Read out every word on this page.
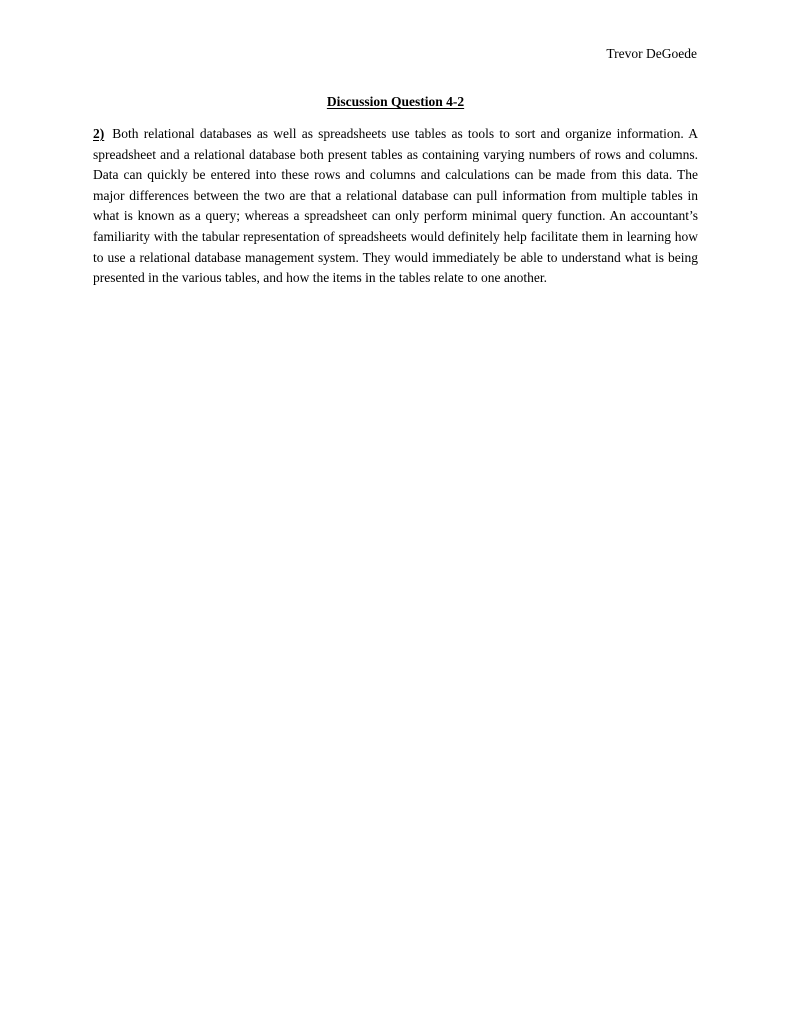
Trevor DeGoede
Discussion Question 4-2

2) Both relational databases as well as spreadsheets use tables as tools to sort and organize information. A spreadsheet and a relational database both present tables as containing varying numbers of rows and columns. Data can quickly be entered into these rows and columns and calculations can be made from this data. The major differences between the two are that a relational database can pull information from multiple tables in what is known as a query; whereas a spreadsheet can only perform minimal query function. An accountant’s familiarity with the tabular representation of spreadsheets would definitely help facilitate them in learning how to use a relational database management system. They would immediately be able to understand what is being presented in the various tables, and how the items in the tables relate to one another.
